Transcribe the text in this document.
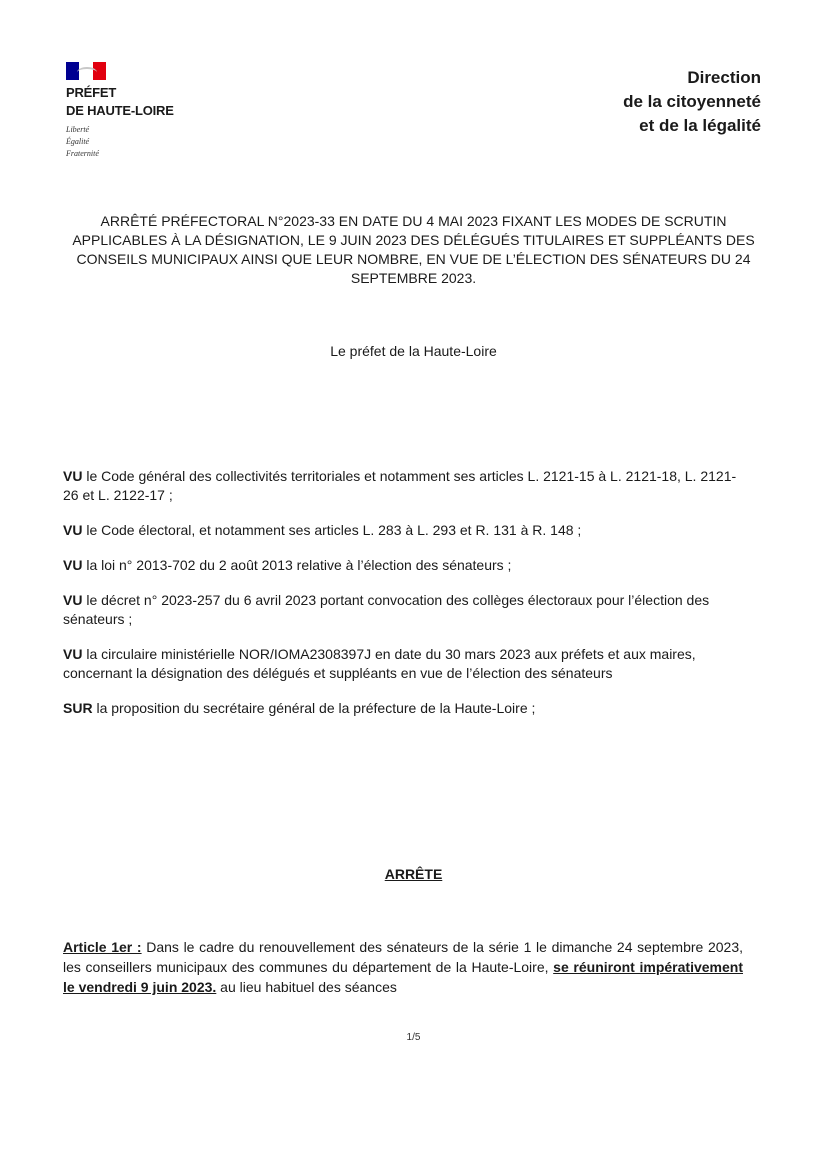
PRÉFET
DE HAUTE-LOIRE
Liberté
Égalité
Fraternité
Direction
de la citoyenneté
et de la légalité
ARRÊTÉ PRÉFECTORAL N°2023-33 EN DATE DU 4 MAI 2023 FIXANT LES MODES DE SCRUTIN APPLICABLES À LA DÉSIGNATION, LE 9 JUIN 2023 DES DÉLÉGUÉS TITULAIRES ET SUPPLÉANTS DES CONSEILS MUNICIPAUX AINSI QUE LEUR NOMBRE, EN VUE DE L’ÉLECTION DES SÉNATEURS DU 24 SEPTEMBRE 2023.
Le préfet de la Haute-Loire

VU le Code général des collectivités territoriales et notamment ses articles L. 2121-15 à L. 2121-18, L. 2121-26 et L. 2122-17 ;

VU le Code électoral, et notamment ses articles L. 283 à L. 293 et R. 131 à R. 148 ;

VU la loi n° 2013-702 du 2 août 2013 relative à l’élection des sénateurs ;

VU le décret n° 2023-257 du 6 avril 2023 portant convocation des collèges électoraux pour l’élection des sénateurs ;

VU la circulaire ministérielle NOR/IOMA2308397J en date du 30 mars 2023 aux préfets et aux maires, concernant la désignation des délégués et suppléants en vue de l’élection des sénateurs

SUR la proposition du secrétaire général de la préfecture de la Haute-Loire ;

ARRÊTE
Article 1er : Dans le cadre du renouvellement des sénateurs de la série 1 le dimanche 24 septembre 2023, les conseillers municipaux des communes du département de la Haute-Loire, se réuniront impérativement le vendredi 9 juin 2023. au lieu habituel des séances
1/5
